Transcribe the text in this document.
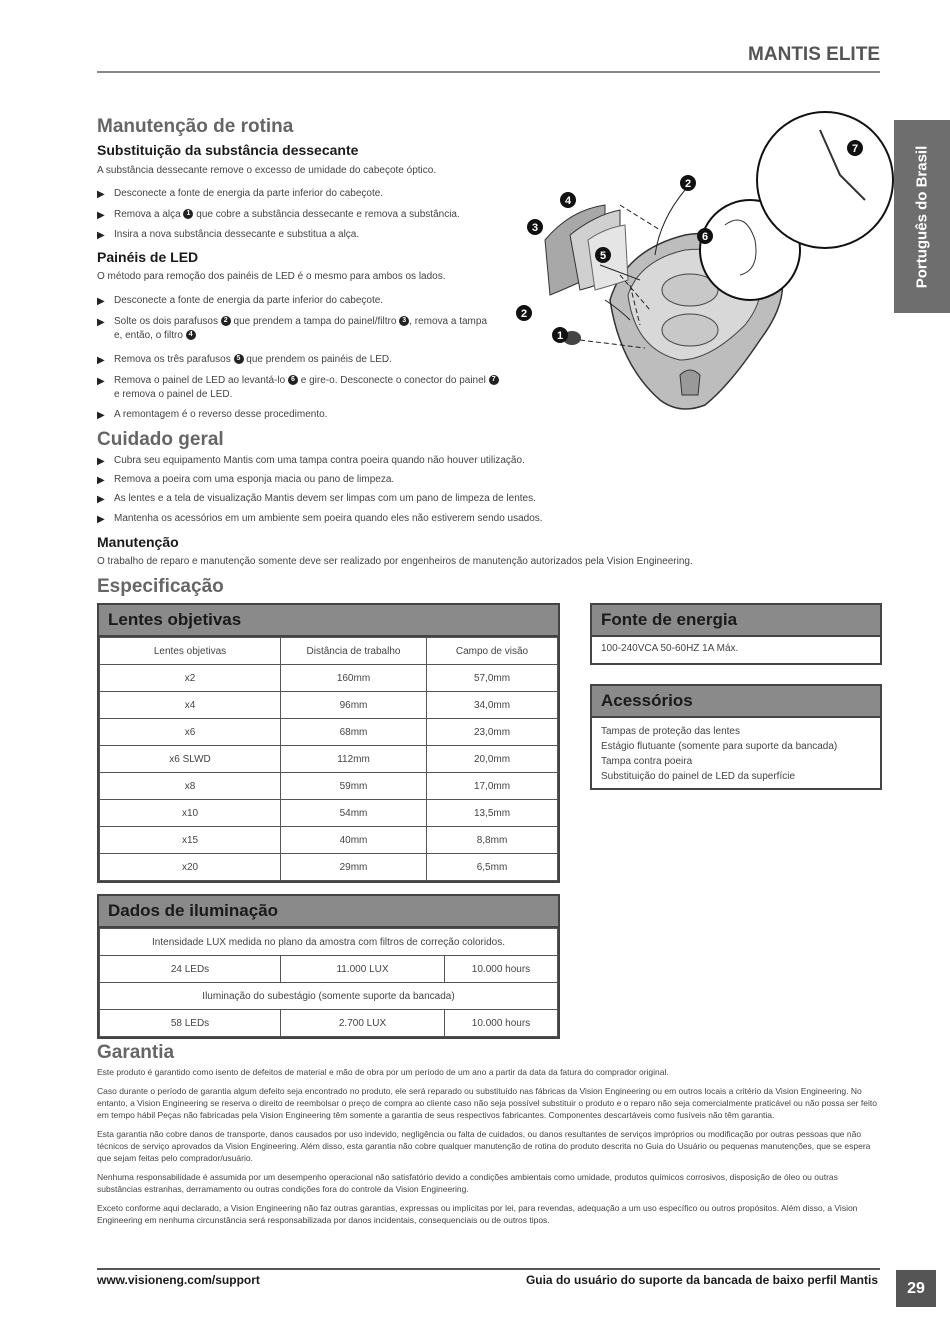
MANTIS ELITE
Português do Brasil
Manutenção de rotina
Substituição da substância dessecante
A substância dessecante remove o excesso de umidade do cabeçote óptico.
▶ Desconecte a fonte de energia da parte inferior do cabeçote.
▶ Remova a alça 1 que cobre a substância dessecante e remova a substância.
▶ Insira a nova substância dessecante e substitua a alça.
Painéis de LED
O método para remoção dos painéis de LED é o mesmo para ambos os lados.
▶ Desconecte a fonte de energia da parte inferior do cabeçote.
▶ Solte os dois parafusos 2 que prendem a tampa do painel/filtro 3 , remova a tampa
e, então, o filtro 4
▶ Remova os três parafusos 5 que prendem os painéis de LED.
▶ Remova o painel de LED ao levantá-lo 6 e gire-o. Desconecte o conector do painel 7
e remova o painel de LED.
▶ A remontagem é o reverso desse procedimento.
1
2
2
3
4
5
6
7
Cuidado geral
▶ Cubra seu equipamento Mantis com uma tampa contra poeira quando não houver utilização.
▶ Remova a poeira com uma esponja macia ou pano de limpeza.
▶ As lentes e a tela de visualização Mantis devem ser limpas com um pano de limpeza de lentes.
▶ Mantenha os acessórios em um ambiente sem poeira quando eles não estiverem sendo usados.
Manutenção
O trabalho de reparo e manutenção somente deve ser realizado por engenheiros de manutenção autorizados pela Vision Engineering.
Especificação
Lentes objetivas
Lentes objetivas	Distância de trabalho	Campo de visão
x2	160mm	57,0mm
x4	96mm	34,0mm
x6	68mm	23,0mm
x6 SLWD	112mm	20,0mm
x8	59mm	17,0mm
x10	54mm	13,5mm
x15	40mm	8,8mm
x20	29mm	6,5mm
Fonte de energia
100-240VCA 50-60HZ 1A Máx.
Acessórios
Tampas de proteção das lentes
Estágio flutuante (somente para suporte da bancada)
Tampa contra poeira
Substituição do painel de LED da superfície
Dados de iluminação
Intensidade LUX medida no plano da amostra com filtros de correção coloridos.		
24 LEDs	11.000 LUX	10.000 hours
Iluminação do subestágio (somente suporte da bancada)		
58 LEDs	2.700 LUX	10.000 hours
Garantia

Este produto é garantido como isento de defeitos de material e mão de obra por um período de um ano a partir da data da fatura do comprador original.

Caso durante o período de garantia algum defeito seja encontrado no produto, ele será reparado ou substituído nas fábricas da Vision Engineering ou em outros locais a critério da Vision Engineering. No entanto, a Vision Engineering se reserva o direito de reembolsar o preço de compra ao cliente caso não seja possível substituir o produto e o reparo não seja comercialmente praticável ou não possa ser feito em tempo hábil Peças não fabricadas pela Vision Engineering têm somente a garantia de seus respectivos fabricantes. Componentes descartáveis como fusíveis não têm garantia.

Esta garantia não cobre danos de transporte, danos causados por uso indevido, negligência ou falta de cuidados, ou danos resultantes de serviços impróprios ou modificação por outras pessoas que não técnicos de serviço aprovados da Vision Engineering. Além disso, esta garantia não cobre qualquer manutenção de rotina do produto descrita no Guia do Usuário ou pequenas manutenções, que se espera que sejam feitas pelo comprador/usuário.

Nenhuma responsabilidade é assumida por um desempenho operacional não satisfatório devido a condições ambientais como umidade, produtos químicos corrosivos, disposição de óleo ou outras substâncias estranhas, derramamento ou outras condições fora do controle da Vision Engineering.

Exceto conforme aqui declarado, a Vision Engineering não faz outras garantias, expressas ou implícitas por lei, para revendas, adequação a um uso específico ou outros propósitos. Além disso, a Vision Engineering em nenhuma circunstância será responsabilizada por danos incidentais, consequenciais ou de outros tipos.

www.visioneng.com/support	Guia do usuário do suporte da bancada de baixo perfil Mantis	29
